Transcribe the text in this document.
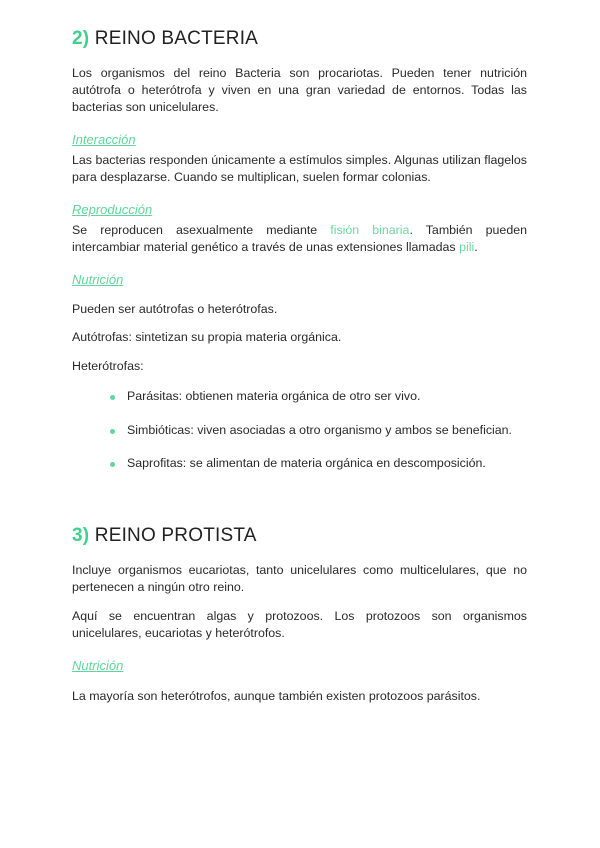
2) REINO BACTERIA

Los organismos del reino Bacteria son procariotas. Pueden tener nutrición autótrofa o heterótrofa y viven en una gran variedad de entornos. Todas las bacterias son unicelulares.

Interacción

Las bacterias responden únicamente a estímulos simples. Algunas utilizan flagelos para desplazarse. Cuando se multiplican, suelen formar colonias.

Reproducción

Se reproducen asexualmente mediante fisión binaria. También pueden intercambiar material genético a través de unas extensiones llamadas pili.

Nutrición

Pueden ser autótrofas o heterótrofas.

Autótrofas: sintetizan su propia materia orgánica.

Heterótrofas:

Parásitas: obtienen materia orgánica de otro ser vivo.
Simbióticas: viven asociadas a otro organismo y ambos se benefician.
Saprofitas: se alimentan de materia orgánica en descomposición.
3) REINO PROTISTA

Incluye organismos eucariotas, tanto unicelulares como multicelulares, que no pertenecen a ningún otro reino.

Aquí se encuentran algas y protozoos. Los protozoos son organismos unicelulares, eucariotas y heterótrofos.

Nutrición

La mayoría son heterótrofos, aunque también existen protozoos parásitos.
